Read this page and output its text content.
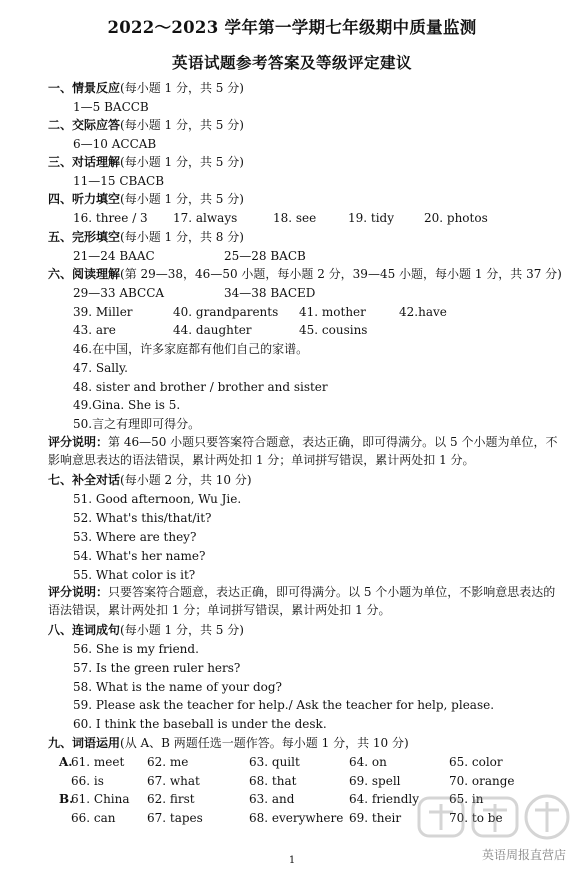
2022～2023 学年第一学期七年级期中质量监测
英语试题参考答案及等级评定建议
一、情景反应(每小题 1 分，共 5 分)
1—5 BACCB
二、交际应答(每小题 1 分，共 5 分)
6—10 ACCAB
三、对话理解(每小题 1 分，共 5 分)
11—15 CBACB
四、听力填空(每小题 1 分，共 5 分)
16. three / 3 17. always	18. see	19. tidy 20. photos
五、完形填空(每小题 1 分，共 8 分)
21—24 BAAC	25—28 BACB
六、阅读理解(第 29—38，46—50 小题，每小题 2 分，39—45 小题，每小题 1 分，共 37 分)
29—33 ABCCA	34—38 BACED
39. Miller	40. grandparents 41. mother	42.have
43. are	44. daughter	45. cousins
46.在中国，许多家庭都有他们自己的家谱。
47. Sally.
48. sister and brother / brother and sister
49.Gina. She is 5.
50.言之有理即可得分。
评分说明：第 46—50 小题只要答案符合题意，表达正确，即可得满分。以 5 个小题为单位，不影响意思表达的语法错误，累计两处扣 1 分；单词拼写错误，累计两处扣 1 分。
七、补全对话(每小题 2 分，共 10 分)
51. Good afternoon, Wu Jie.
52. What's this/that/it?
53. Where are they?
54. What's her name?
55. What color is it?
评分说明：只要答案符合题意，表达正确，即可得满分。以 5 个小题为单位，不影响意思表达的语法错误，累计两处扣 1 分；单词拼写错误，累计两处扣 1 分。
八、连词成句(每小题 1 分，共 5 分)
56. She is my friend.
57. Is the green ruler hers?
58. What is the name of your dog?
59. Please ask the teacher for help./ Ask the teacher for help, please.
60. I think the baseball is under the desk.
九、词语运用(从 A、B 两题任选一题作答。每小题 1 分，共 10 分)
A.
61. meet 62. me	63. quilt	64. on	65. color
66. is	67. what	68. that	69. spell	70. orange
B.
61. China 62. first	63. and	64. friendly 65. in
66. can	67. tapes	68. everywhere 69. their	70. to be
1	英语周报直营店
